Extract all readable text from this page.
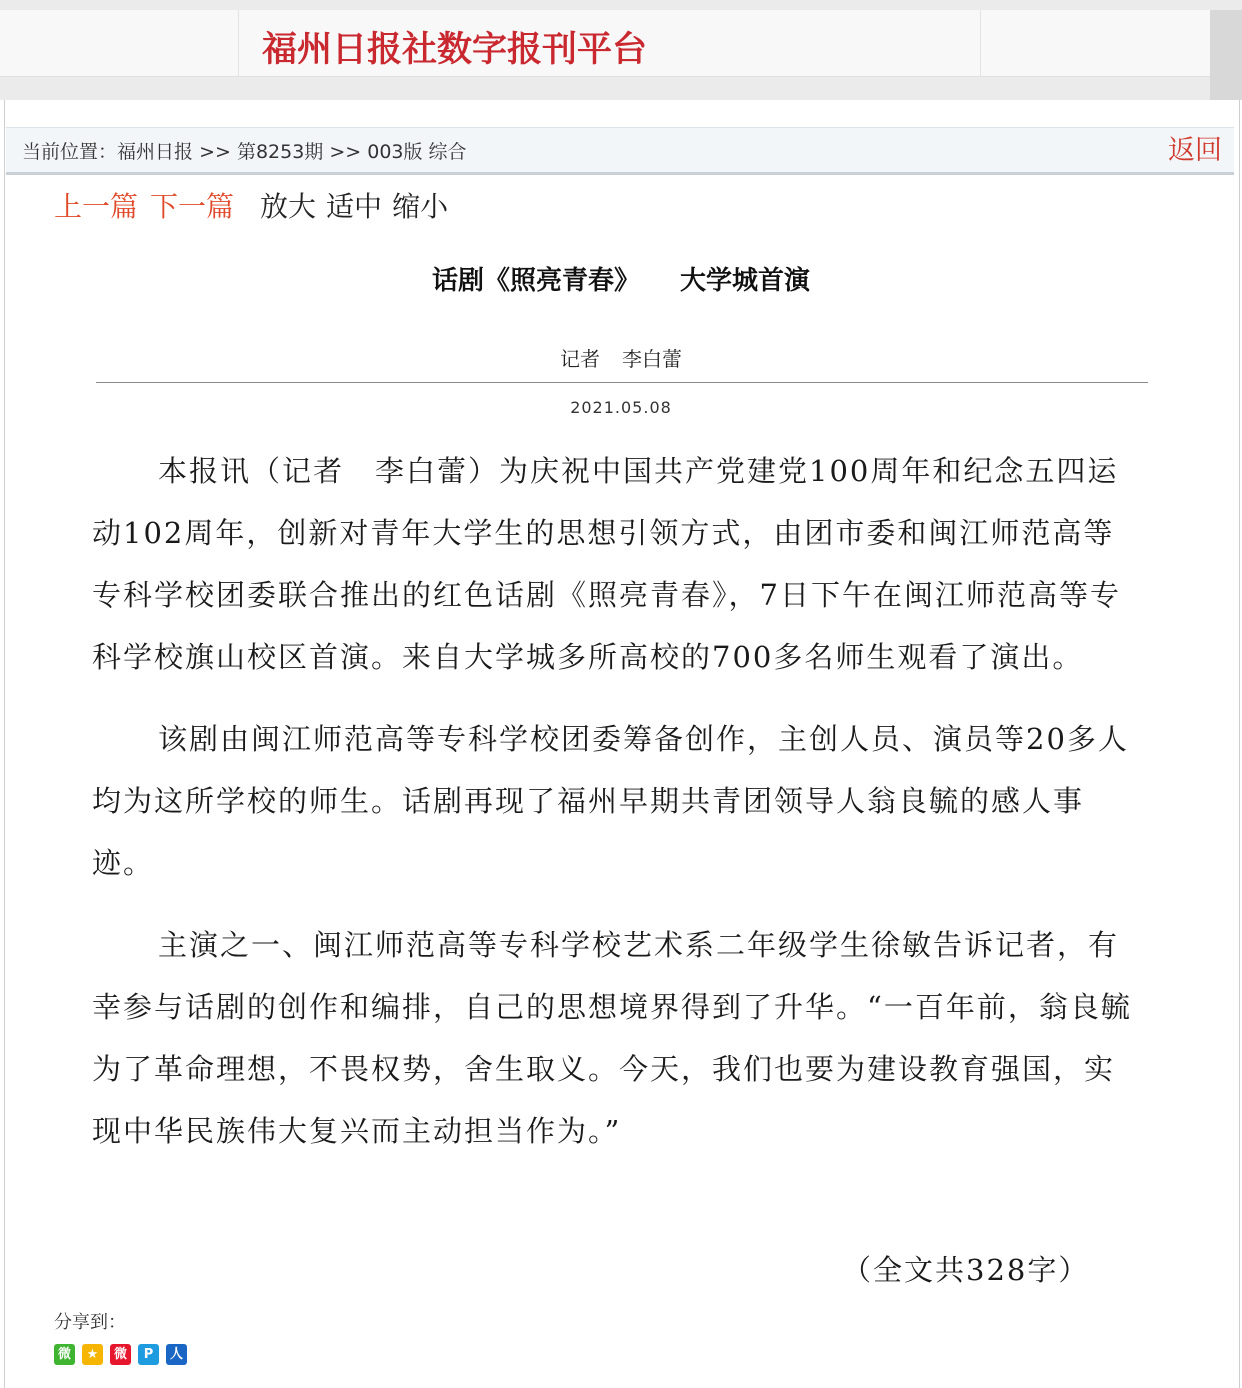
福州日报社数字报刊平台
当前位置：福州日报 >> 第8253期 >> 003版 综合	返回
上一篇 下一篇 放大 适中 缩小
话剧《照亮青春》 大学城首演
记者 李白蕾
2021.05.08

本报讯（记者　李白蕾）为庆祝中国共产党建党100周年和纪念五四运动102周年，创新对青年大学生的思想引领方式，由团市委和闽江师范高等专科学校团委联合推出的红色话剧《照亮青春》，7日下午在闽江师范高等专科学校旗山校区首演。来自大学城多所高校的700多名师生观看了演出。

该剧由闽江师范高等专科学校团委筹备创作，主创人员、演员等20多人均为这所学校的师生。话剧再现了福州早期共青团领导人翁良毓的感人事迹。

主演之一、闽江师范高等专科学校艺术系二年级学生徐敏告诉记者，有幸参与话剧的创作和编排，自己的思想境界得到了升华。“一百年前，翁良毓为了革命理想，不畏权势，舍生取义。今天，我们也要为建设教育强国，实现中华民族伟大复兴而主动担当作为。”

（全文共328字）
分享到：
微	★	微	P	人
